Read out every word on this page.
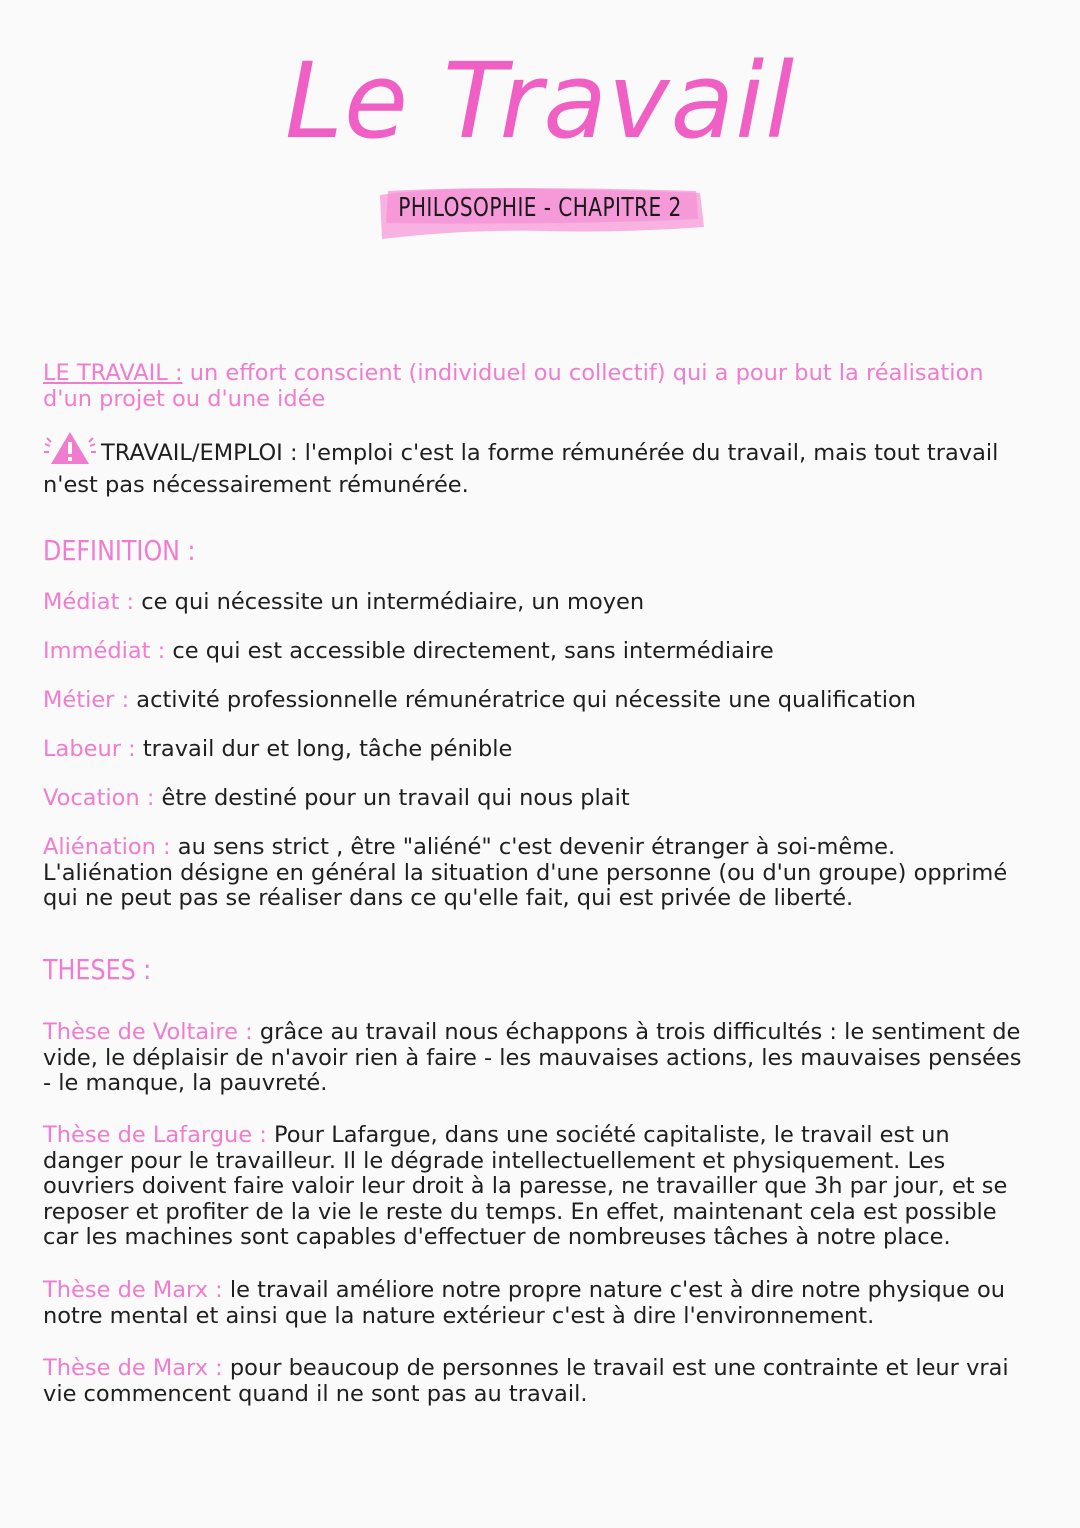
Le Travail
PHILOSOPHIE - CHAPITRE 2
LE TRAVAIL : un effort conscient (individuel ou collectif) qui a pour but la réalisation d'un projet ou d'une idée
TRAVAIL/EMPLOI : l'emploi c'est la forme rémunérée du travail, mais tout travail n'est pas nécessairement rémunérée.
DEFINITION :
Médiat : ce qui nécessite un intermédiaire, un moyen
Immédiat : ce qui est accessible directement, sans intermédiaire
Métier : activité professionnelle rémunératrice qui nécessite une qualification
Labeur : travail dur et long, tâche pénible
Vocation : être destiné pour un travail qui nous plait
Aliénation : au sens strict , être "aliéné" c'est devenir étranger à soi-même. L'aliénation désigne en général la situation d'une personne (ou d'un groupe) opprimé qui ne peut pas se réaliser dans ce qu'elle fait, qui est privée de liberté.
THESES :
Thèse de Voltaire : grâce au travail nous échappons à trois difficultés : le sentiment de vide, le déplaisir de n'avoir rien à faire - les mauvaises actions, les mauvaises pensées - le manque, la pauvreté.
Thèse de Lafargue : Pour Lafargue, dans une société capitaliste, le travail est un danger pour le travailleur. Il le dégrade intellectuellement et physiquement. Les ouvriers doivent faire valoir leur droit à la paresse, ne travailler que 3h par jour, et se reposer et profiter de la vie le reste du temps. En effet, maintenant cela est possible car les machines sont capables d'effectuer de nombreuses tâches à notre place.
Thèse de Marx : le travail améliore notre propre nature c'est à dire notre physique ou notre mental et ainsi que la nature extérieur c'est à dire l'environnement.
Thèse de Marx : pour beaucoup de personnes le travail est une contrainte et leur vrai vie commencent quand il ne sont pas au travail.
